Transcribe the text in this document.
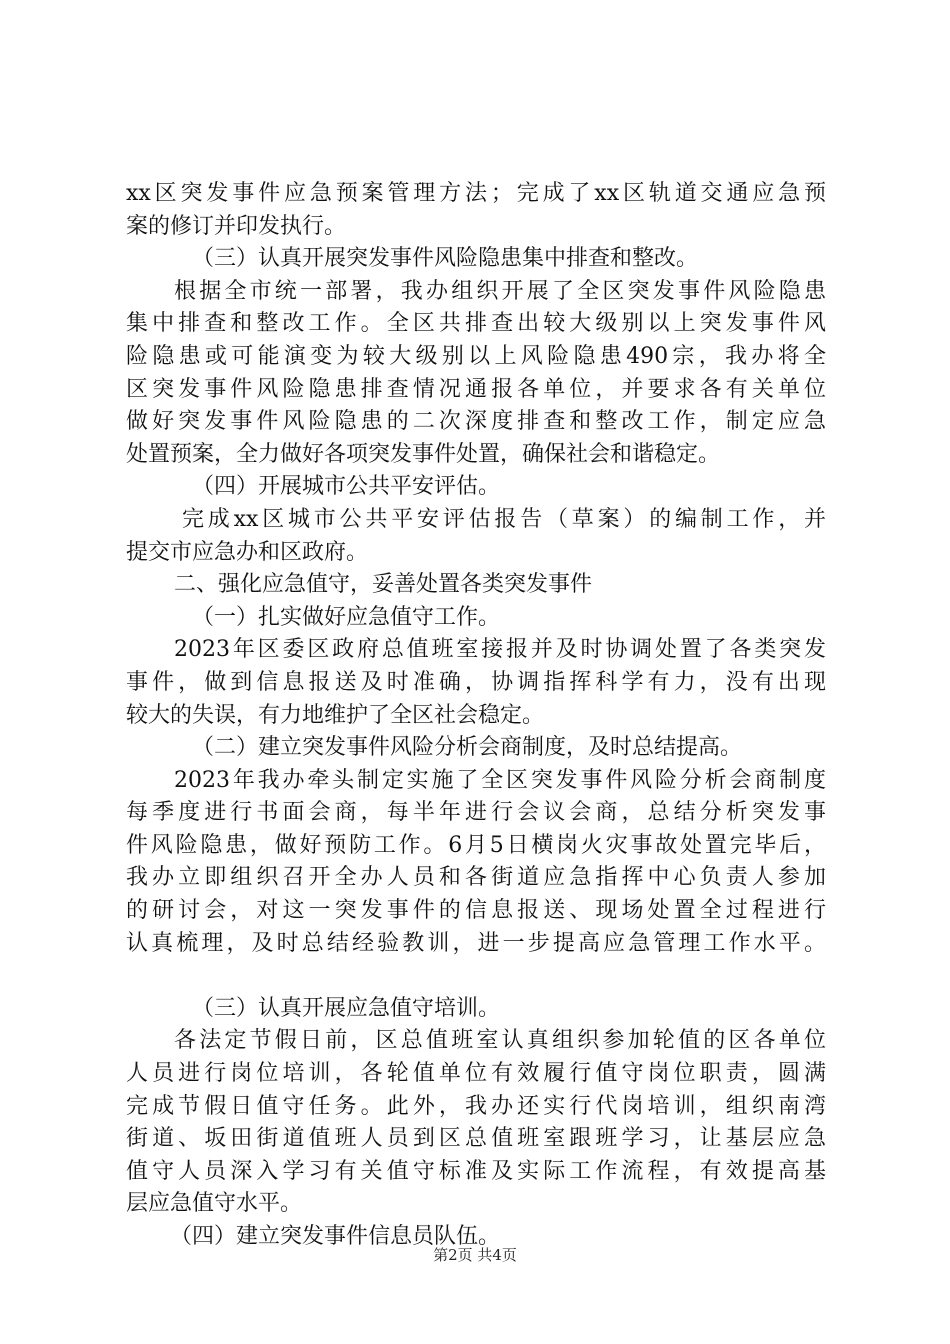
xx区突发事件应急预案管理方法；完成了xx区轨道交通应急预
案的修订并印发执行。
（三）认真开展突发事件风险隐患集中排查和整改。
根据全市统一部署，我办组织开展了全区突发事件风险隐患
集中排查和整改工作。全区共排查出较大级别以上突发事件风
险隐患或可能演变为较大级别以上风险隐患490宗，我办将全
区突发事件风险隐患排查情况通报各单位，并要求各有关单位
做好突发事件风险隐患的二次深度排查和整改工作，制定应急
处置预案，全力做好各项突发事件处置，确保社会和谐稳定。
（四）开展城市公共平安评估。
完成xx区城市公共平安评估报告（草案）的编制工作，并
提交市应急办和区政府。
二、强化应急值守，妥善处置各类突发事件
（一）扎实做好应急值守工作。
2023年区委区政府总值班室接报并及时协调处置了各类突发
事件，做到信息报送及时准确，协调指挥科学有力，没有出现
较大的失误，有力地维护了全区社会稳定。
（二）建立突发事件风险分析会商制度，及时总结提高。
2023年我办牵头制定实施了全区突发事件风险分析会商制度
每季度进行书面会商，每半年进行会议会商，总结分析突发事
件风险隐患，做好预防工作。6月5日横岗火灾事故处置完毕后，
我办立即组织召开全办人员和各街道应急指挥中心负责人参加
的研讨会，对这一突发事件的信息报送、现场处置全过程进行
认真梳理，及时总结经验教训，进一步提高应急管理工作水平。
（三）认真开展应急值守培训。
各法定节假日前，区总值班室认真组织参加轮值的区各单位
人员进行岗位培训，各轮值单位有效履行值守岗位职责，圆满
完成节假日值守任务。此外，我办还实行代岗培训，组织南湾
街道、坂田街道值班人员到区总值班室跟班学习，让基层应急
值守人员深入学习有关值守标准及实际工作流程，有效提高基
层应急值守水平。
（四）建立突发事件信息员队伍。
第2页 共4页
